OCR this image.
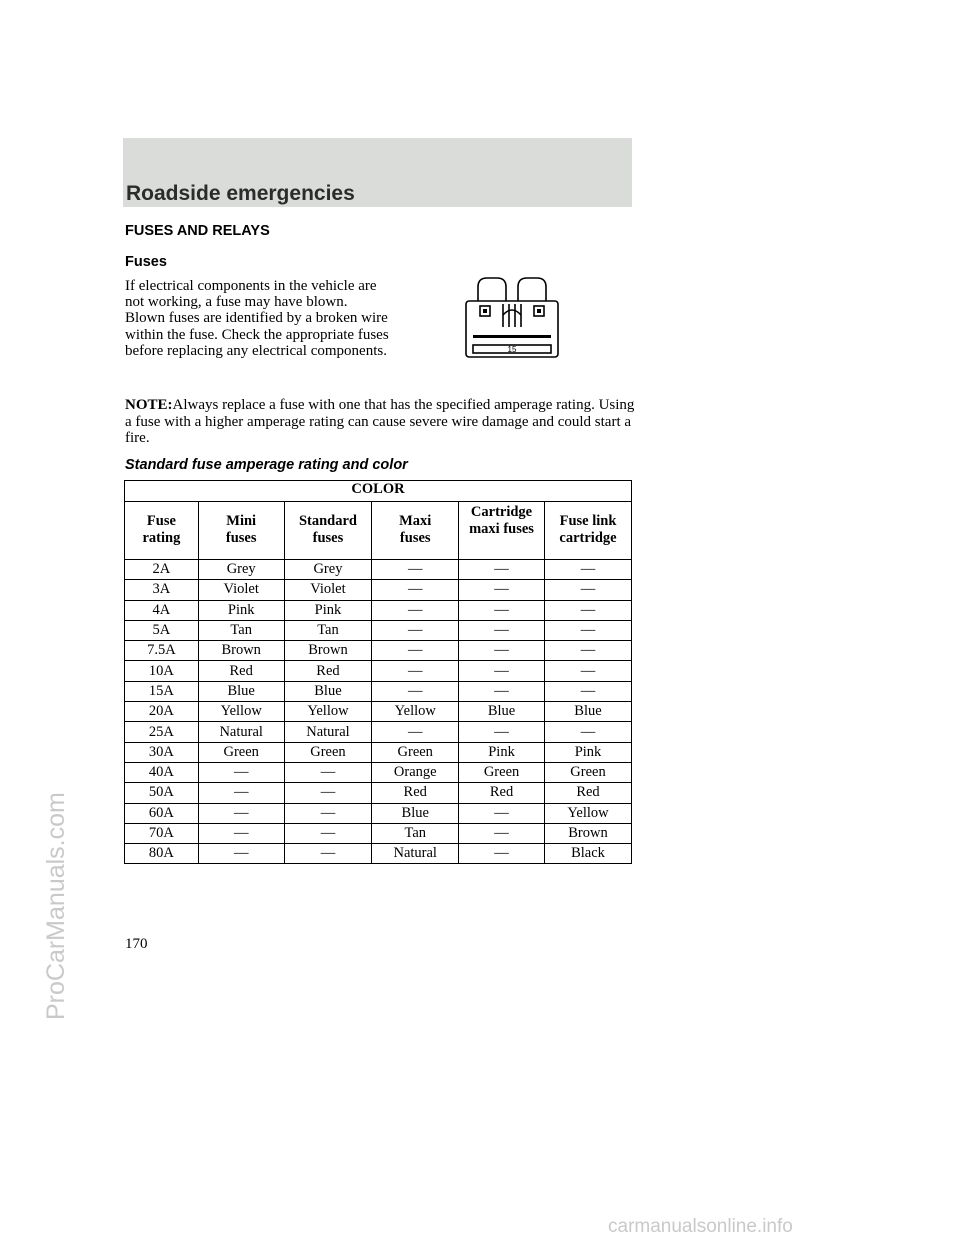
Roadside emergencies
FUSES AND RELAYS
Fuses
If electrical components in the vehicle are not working, a fuse may have blown. Blown fuses are identified by a broken wire within the fuse. Check the appropriate fuses before replacing any electrical components.	15
NOTE:Always replace a fuse with one that has the specified amperage rating. Using a fuse with a higher amperage rating can cause severe wire damage and could start a fire.
Standard fuse amperage rating and color
COLOR					
Fuse rating	Mini fuses	Standard fuses	Maxi fuses	Cartridge maxi fuses	Fuse link cartridge
2A	Grey	Grey	—	—	—
3A	Violet	Violet	—	—	—
4A	Pink	Pink	—	—	—
5A	Tan	Tan	—	—	—
7.5A	Brown	Brown	—	—	—
10A	Red	Red	—	—	—
15A	Blue	Blue	—	—	—
20A	Yellow	Yellow	Yellow	Blue	Blue
25A	Natural	Natural	—	—	—
30A	Green	Green	Green	Pink	Pink
40A	—	—	Orange	Green	Green
50A	—	—	Red	Red	Red
60A	—	—	Blue	—	Yellow
70A	—	—	Tan	—	Brown
80A	—	—	Natural	—	Black
170
ProCarManuals.com
carmanualsonline.info
